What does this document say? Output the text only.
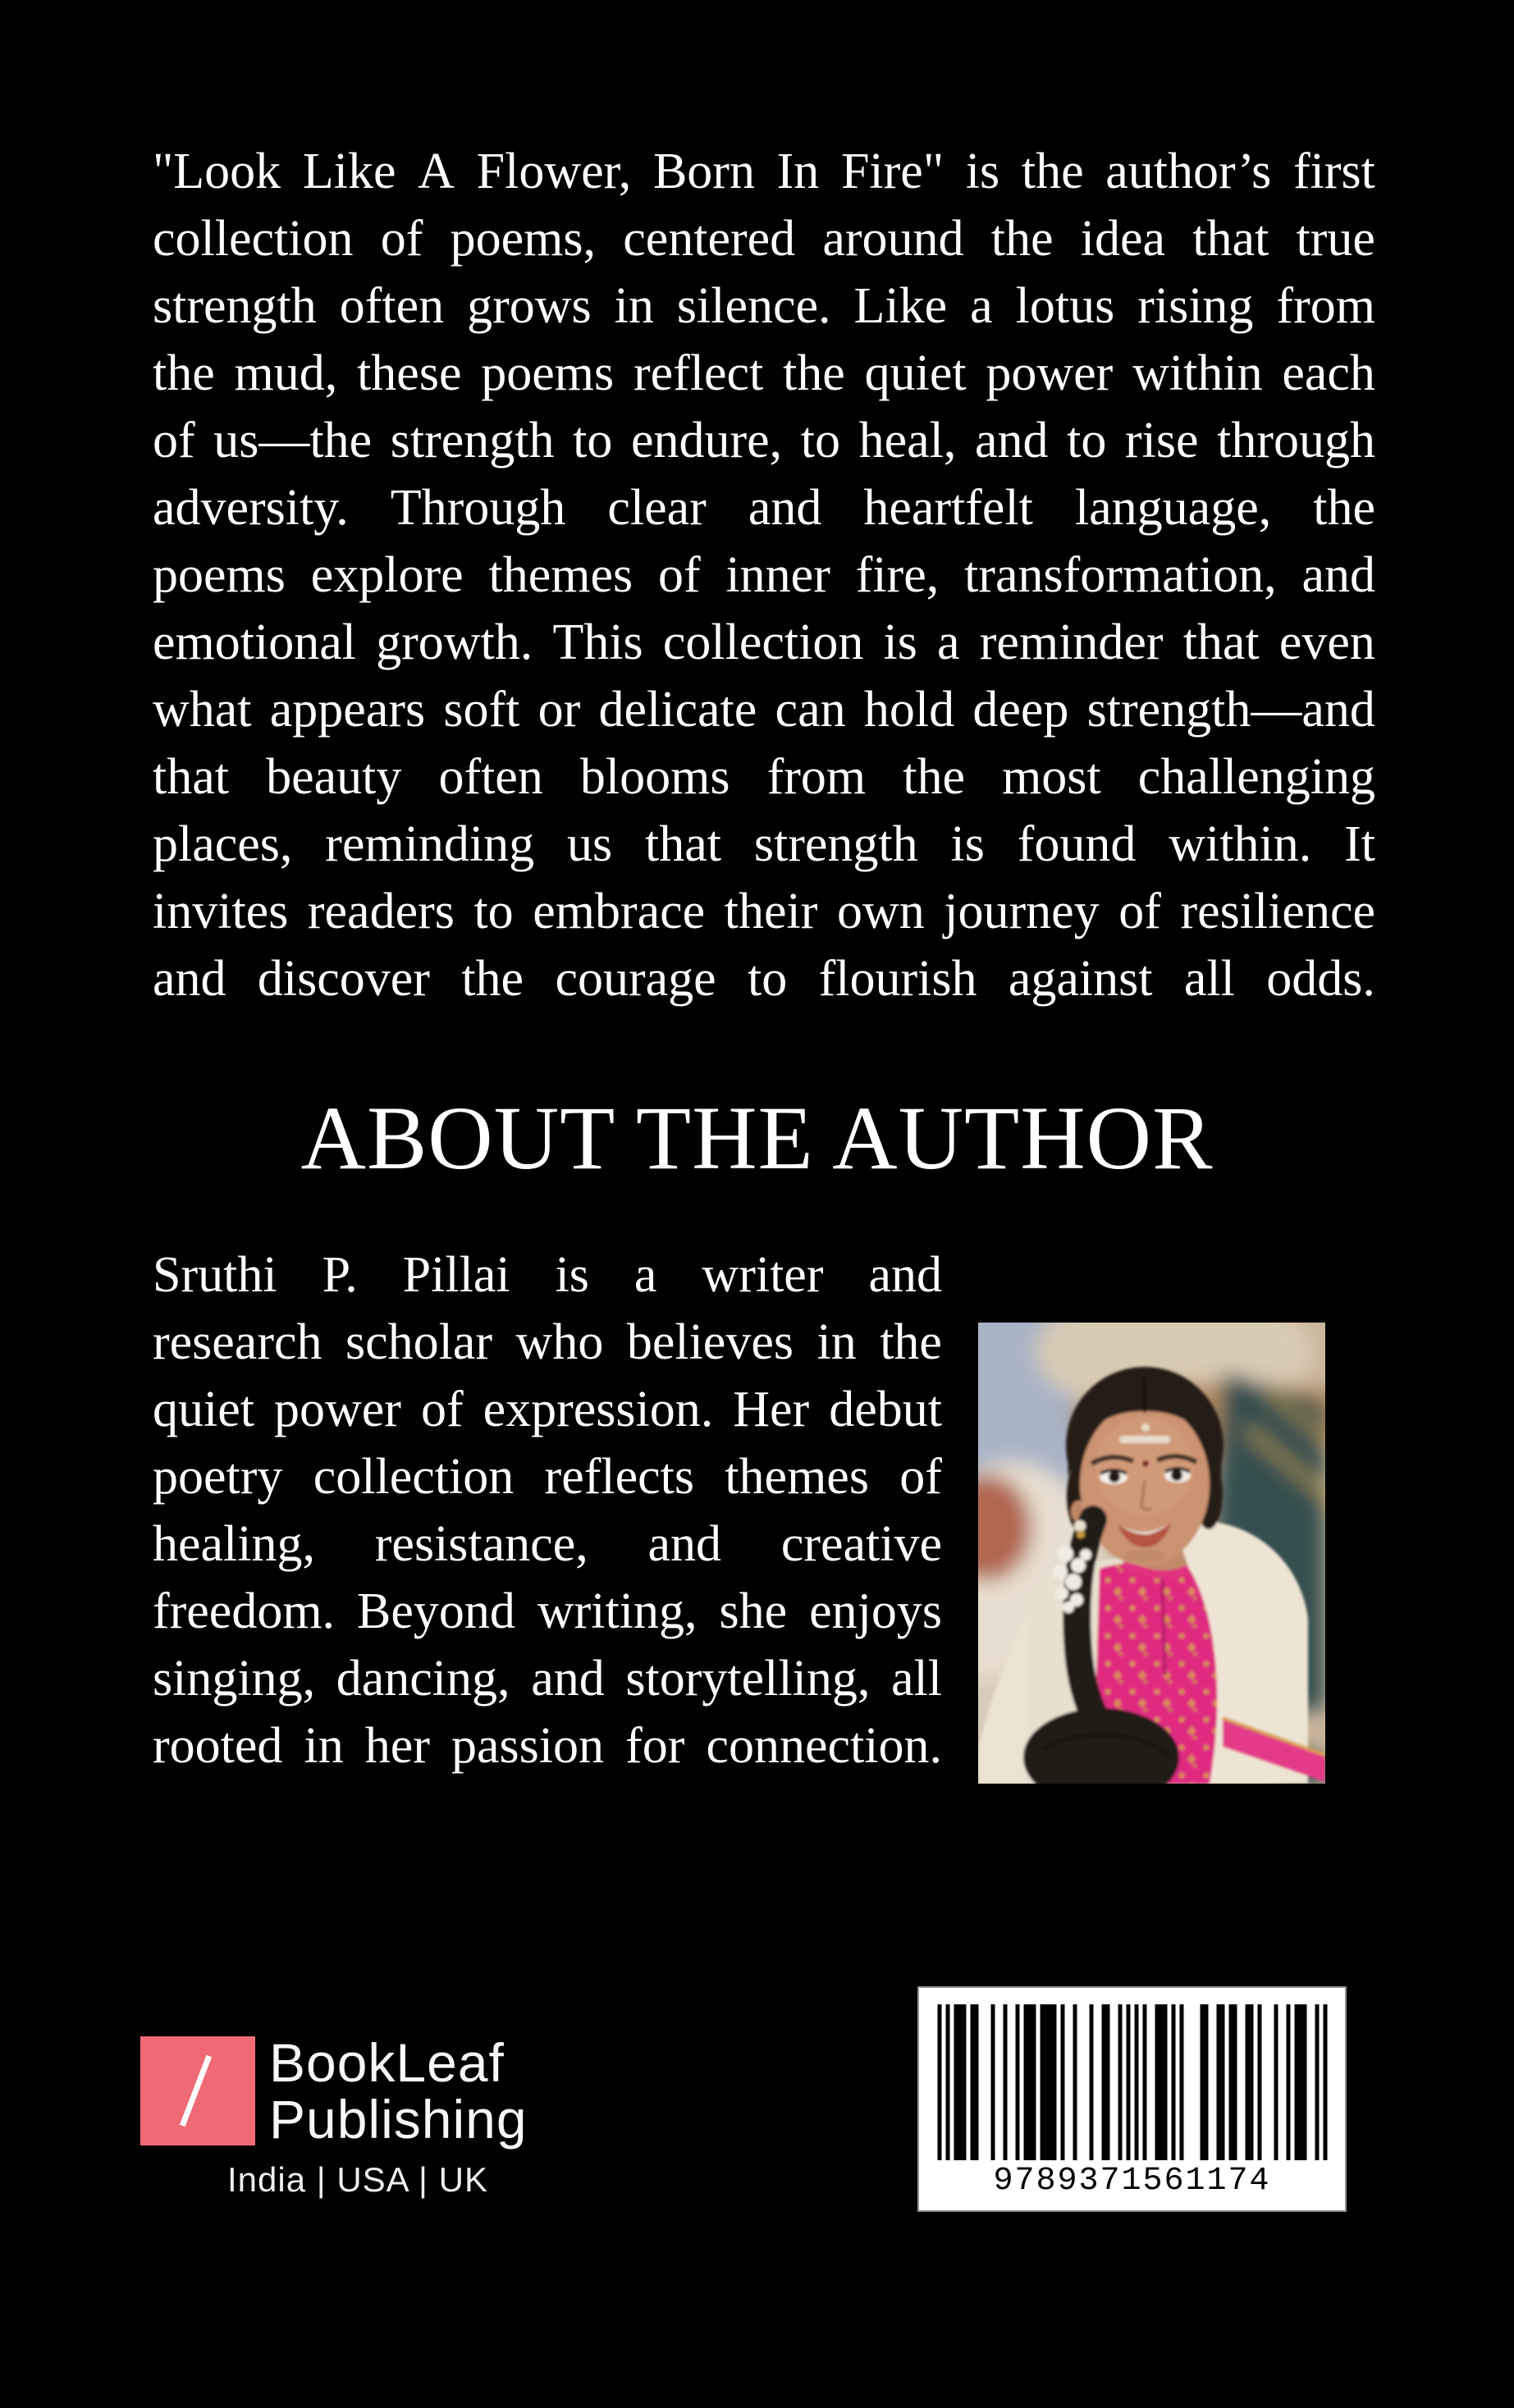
"Look Like A Flower, Born In Fire" is the author’s first
collection of poems, centered around the idea that true
strength often grows in silence. Like a lotus rising from
the mud, these poems reflect the quiet power within each
of us—the strength to endure, to heal, and to rise through
adversity. Through clear and heartfelt language, the
poems explore themes of inner fire, transformation, and
emotional growth. This collection is a reminder that even
what appears soft or delicate can hold deep strength—and
that beauty often blooms from the most challenging
places, reminding us that strength is found within. It
invites readers to embrace their own journey of resilience
and discover the courage to flourish against all odds.
ABOUT THE AUTHOR
Sruthi P. Pillai is a writer and
research scholar who believes in the
quiet power of expression. Her debut
poetry collection reflects themes of
healing, resistance, and creative
freedom. Beyond writing, she enjoys
singing, dancing, and storytelling, all
rooted in her passion for connection.
BookLeaf
Publishing
India | USA | UK	9789371561174
